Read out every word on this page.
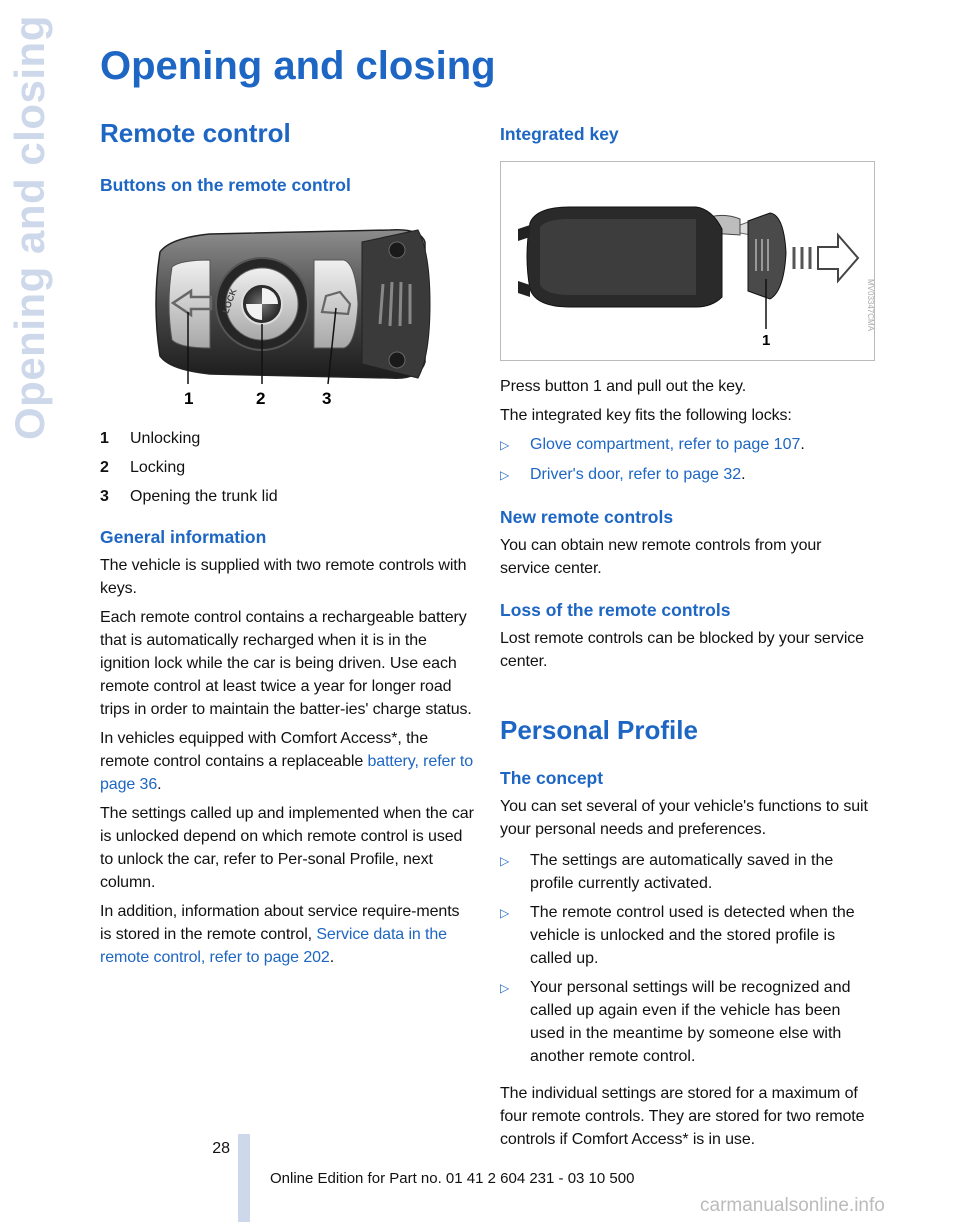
Opening and closing Opening and closing
Remote control
Buttons on the remote control
LOCK
1	2	3
1	Unlocking
2	Locking
3	Opening the trunk lid
General information

The vehicle is supplied with two remote controls with keys.

Each remote control contains a rechargeable battery that is automatically recharged when it is in the ignition lock while the car is being driven. Use each remote control at least twice a year for longer road trips in order to maintain the batter-ies' charge status.

In vehicles equipped with Comfort Access*, the remote control contains a replaceable battery, refer to page 36.

The settings called up and implemented when the car is unlocked depend on which remote control is used to unlock the car, refer to Per-sonal Profile, next column.

In addition, information about service require-ments is stored in the remote control, Service data in the remote control, refer to page 202.

Integrated key
1
MV03347CMA

Press button 1 and pull out the key.

The integrated key fits the following locks:

▷	Glove compartment, refer to page 107.
▷	Driver's door, refer to page 32.
New remote controls

You can obtain new remote controls from your service center.

Loss of the remote controls

Lost remote controls can be blocked by your service center.

Personal Profile
The concept

You can set several of your vehicle's functions to suit your personal needs and preferences.

▷	The settings are automatically saved in the profile currently activated.
▷	The remote control used is detected when the vehicle is unlocked and the stored profile is called up.
▷	Your personal settings will be recognized and called up again even if the vehicle has been used in the meantime by someone else with another remote control.

The individual settings are stored for a maximum of four remote controls. They are stored for two remote controls if Comfort Access* is in use.

28
Online Edition for Part no. 01 41 2 604 231 - 03 10 500
carmanualsonline.info
